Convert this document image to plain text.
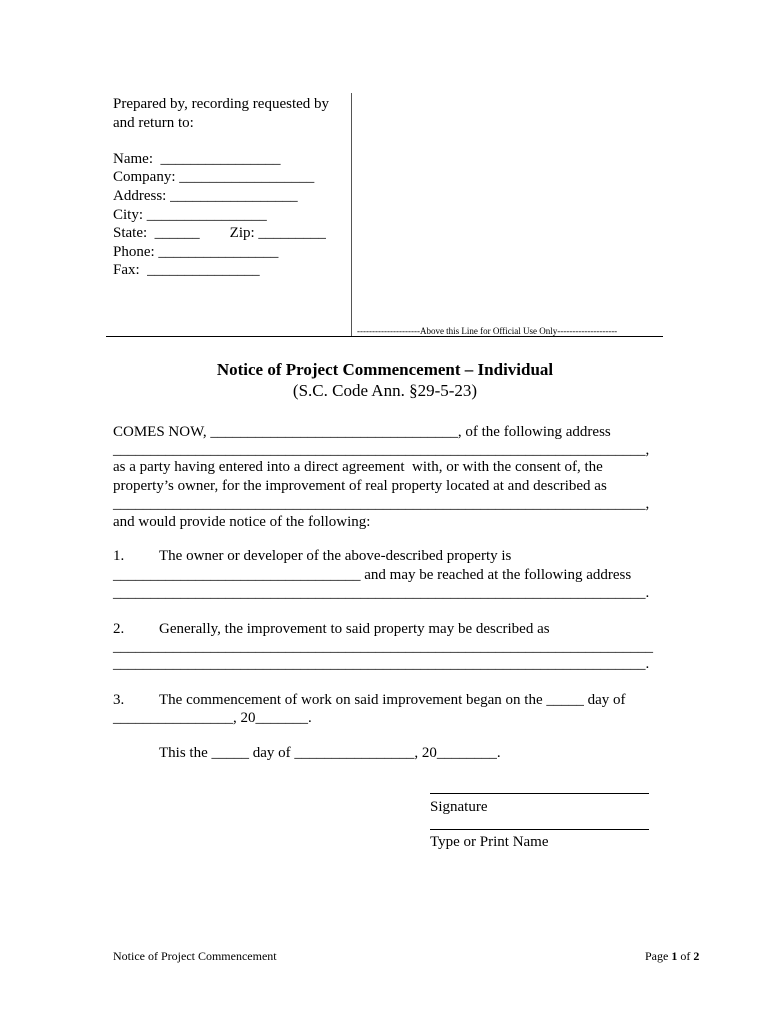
Prepared by, recording requested by
and return to:
Name:  ________________
Company: __________________
Address: _________________
City: ________________
State:  ______        Zip: _________
Phone: ________________
Fax:  _______________
---------------------Above this Line for Official Use Only--------------------
Notice of Project Commencement – Individual
(S.C. Code Ann. §29-5-23)
COMES NOW, _________________________________, of the following address
_______________________________________________________________________,
as a party having entered into a direct agreement  with, or with the consent of, the
property’s owner, for the improvement of real property located at and described as
_______________________________________________________________________,
and would provide notice of the following:
1. The owner or developer of the above-described property is
_________________________________ and may be reached at the following address
_______________________________________________________________________.
2. Generally, the improvement to said property may be described as
________________________________________________________________________
_______________________________________________________________________.
3. The commencement of work on said improvement began on the _____ day of
________________, 20_______.
This the _____ day of ________________, 20________.
Signature
Type or Print Name
Notice of Project Commencement	Page 1 of 2
